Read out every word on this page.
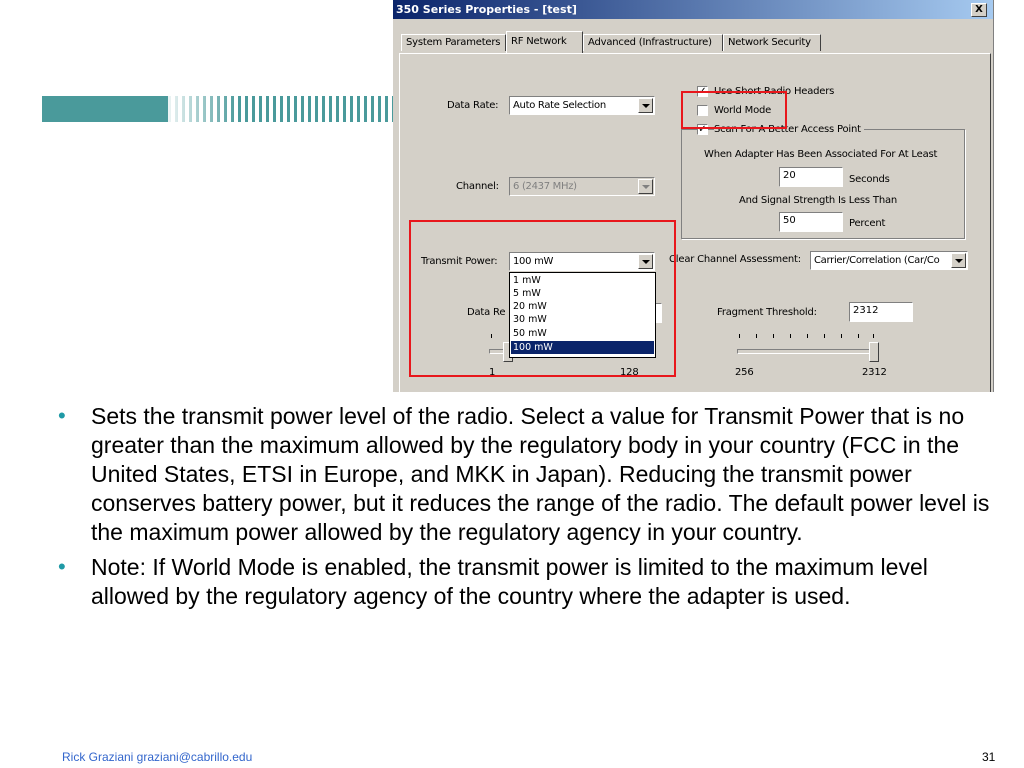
350 Series Properties - [test]	X
System Parameters	RF Network	Advanced (Infrastructure)	Network Security
Data Rate: Auto Rate Selection
Channel: 6 (2437 MHz)
Transmit Power: 100 mW
✓ Use Short Radio Headers
World Mode
✓ Scan For A Better Access Point
When Adapter Has Been Associated For At Least
20	Seconds
And Signal Strength Is Less Than
50	Percent
Clear Channel Assessment: Carrier/Correlation (Car/Co
Data Re	Fragment Threshold:	2312
1	128	256	2312
1 mW
5 mW
20 mW
30 mW
50 mW
100 mW
• Sets the transmit power level of the radio. Select a value for Transmit Power that is no greater than the maximum allowed by the regulatory body in your country (FCC in the United States, ETSI in Europe, and MKK in Japan). Reducing the transmit power conserves battery power, but it reduces the range of the radio. The default power level is the maximum power allowed by the regulatory agency in your country.
• Note: If World Mode is enabled, the transmit power is limited to the maximum level allowed by the regulatory agency of the country where the adapter is used.
Rick Graziani graziani@cabrillo.edu	31
